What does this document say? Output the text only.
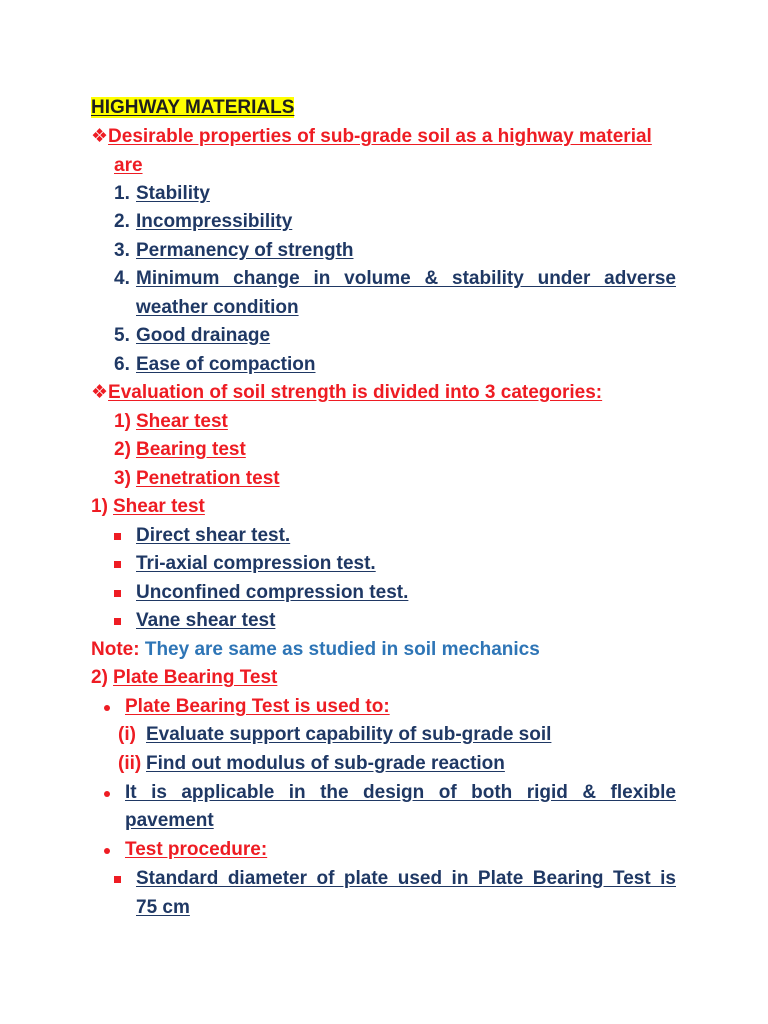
HIGHWAY MATERIALS
❖Desirable properties of sub-grade soil as a highway material
are
1. Stability
2. Incompressibility
3. Permanency of strength
4. Minimum change in volume & stability under adverse
weather condition
5. Good drainage
6. Ease of compaction
❖Evaluation of soil strength is divided into 3 categories:
1) Shear test
2) Bearing test
3) Penetration test
1) Shear test
Direct shear test.
Tri-axial compression test.
Unconfined compression test.
Vane shear test
Note: They are same as studied in soil mechanics
2) Plate Bearing Test
Plate Bearing Test is used to:
(i) Evaluate support capability of sub-grade soil
(ii) Find out modulus of sub-grade reaction
It is applicable in the design of both rigid & flexible
pavement
Test procedure:
Standard diameter of plate used in Plate Bearing Test is
75 cm
